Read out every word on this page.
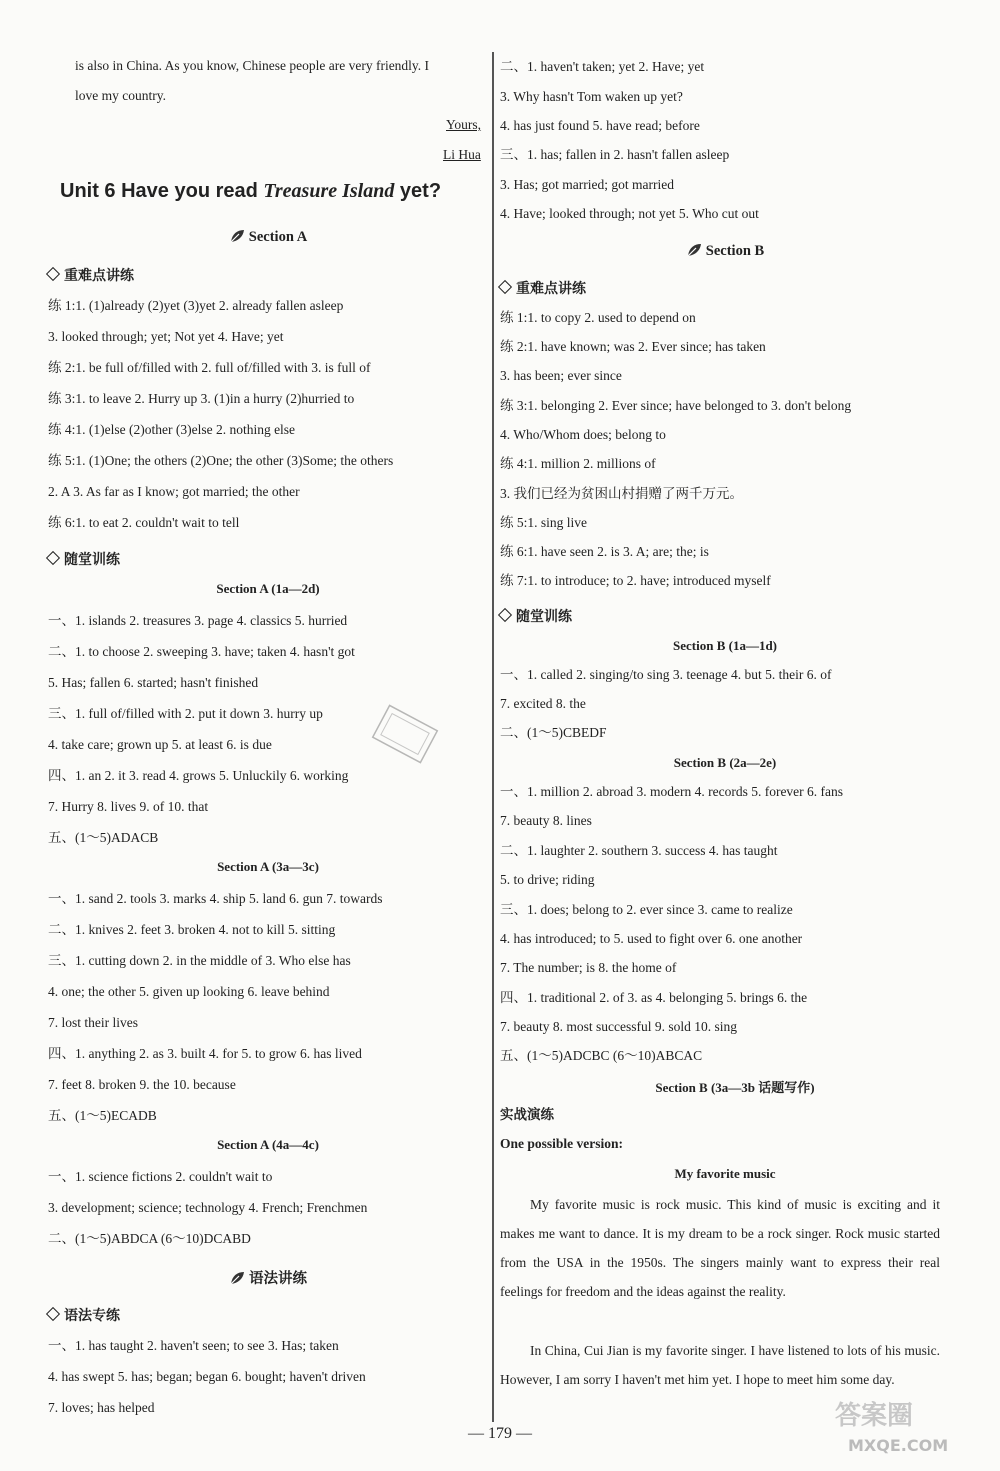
is also in China. As you know, Chinese people are very friendly. I
love my country.
Yours,
Li Hua
Unit 6 Have you read Treasure Island yet?
Section A
重难点讲练
练 1:1. (1)already (2)yet (3)yet 2. already fallen asleep
3. looked through; yet; Not yet 4. Have; yet
练 2:1. be full of/filled with 2. full of/filled with 3. is full of
练 3:1. to leave 2. Hurry up 3. (1)in a hurry (2)hurried to
练 4:1. (1)else (2)other (3)else 2. nothing else
练 5:1. (1)One; the others (2)One; the other (3)Some; the others
2. A 3. As far as I know; got married; the other
练 6:1. to eat 2. couldn't wait to tell
随堂训练
Section A (1a—2d)
一、1. islands 2. treasures 3. page 4. classics 5. hurried
二、1. to choose 2. sweeping 3. have; taken 4. hasn't got
5. Has; fallen 6. started; hasn't finished
三、1. full of/filled with 2. put it down 3. hurry up
4. take care; grown up 5. at least 6. is due
四、1. an 2. it 3. read 4. grows 5. Unluckily 6. working
7. Hurry 8. lives 9. of 10. that
五、(1～5)ADACB
Section A (3a—3c)
一、1. sand 2. tools 3. marks 4. ship 5. land 6. gun 7. towards
二、1. knives 2. feet 3. broken 4. not to kill 5. sitting
三、1. cutting down 2. in the middle of 3. Who else has
4. one; the other 5. given up looking 6. leave behind
7. lost their lives
四、1. anything 2. as 3. built 4. for 5. to grow 6. has lived
7. feet 8. broken 9. the 10. because
五、(1～5)ECADB
Section A (4a—4c)
一、1. science fictions 2. couldn't wait to
3. development; science; technology 4. French; Frenchmen
二、(1～5)ABDCA (6～10)DCABD
语法讲练
语法专练
一、1. has taught 2. haven't seen; to see 3. Has; taken
4. has swept 5. has; began; began 6. bought; haven't driven
7. loves; has helped
二、1. haven't taken; yet 2. Have; yet
3. Why hasn't Tom waken up yet?
4. has just found 5. have read; before
三、1. has; fallen in 2. hasn't fallen asleep
3. Has; got married; got married
4. Have; looked through; not yet 5. Who cut out
Section B
重难点讲练
练 1:1. to copy 2. used to depend on
练 2:1. have known; was 2. Ever since; has taken
3. has been; ever since
练 3:1. belonging 2. Ever since; have belonged to 3. don't belong
4. Who/Whom does; belong to
练 4:1. million 2. millions of
3. 我们已经为贫困山村捐赠了两千万元。
练 5:1. sing live
练 6:1. have seen 2. is 3. A; are; the; is
练 7:1. to introduce; to 2. have; introduced myself
随堂训练
Section B (1a—1d)
一、1. called 2. singing/to sing 3. teenage 4. but 5. their 6. of
7. excited 8. the
二、(1～5)CBEDF
Section B (2a—2e)
一、1. million 2. abroad 3. modern 4. records 5. forever 6. fans
7. beauty 8. lines
二、1. laughter 2. southern 3. success 4. has taught
5. to drive; riding
三、1. does; belong to 2. ever since 3. came to realize
4. has introduced; to 5. used to fight over 6. one another
7. The number; is 8. the home of
四、1. traditional 2. of 3. as 4. belonging 5. brings 6. the
7. beauty 8. most successful 9. sold 10. sing
五、(1～5)ADCBC (6～10)ABCAC
Section B (3a—3b 话题写作)
实战演练
One possible version:
My favorite music
My favorite music is rock music. This kind of music is exciting and it makes me want to dance. It is my dream to be a rock singer. Rock music started from the USA in the 1950s. The singers mainly want to express their real feelings for freedom and the ideas against the reality.
In China, Cui Jian is my favorite singer. I have listened to lots of his music. However, I am sorry I haven't met him yet. I hope to meet him some day.
— 179 —
答案圈
MXQE.COM
